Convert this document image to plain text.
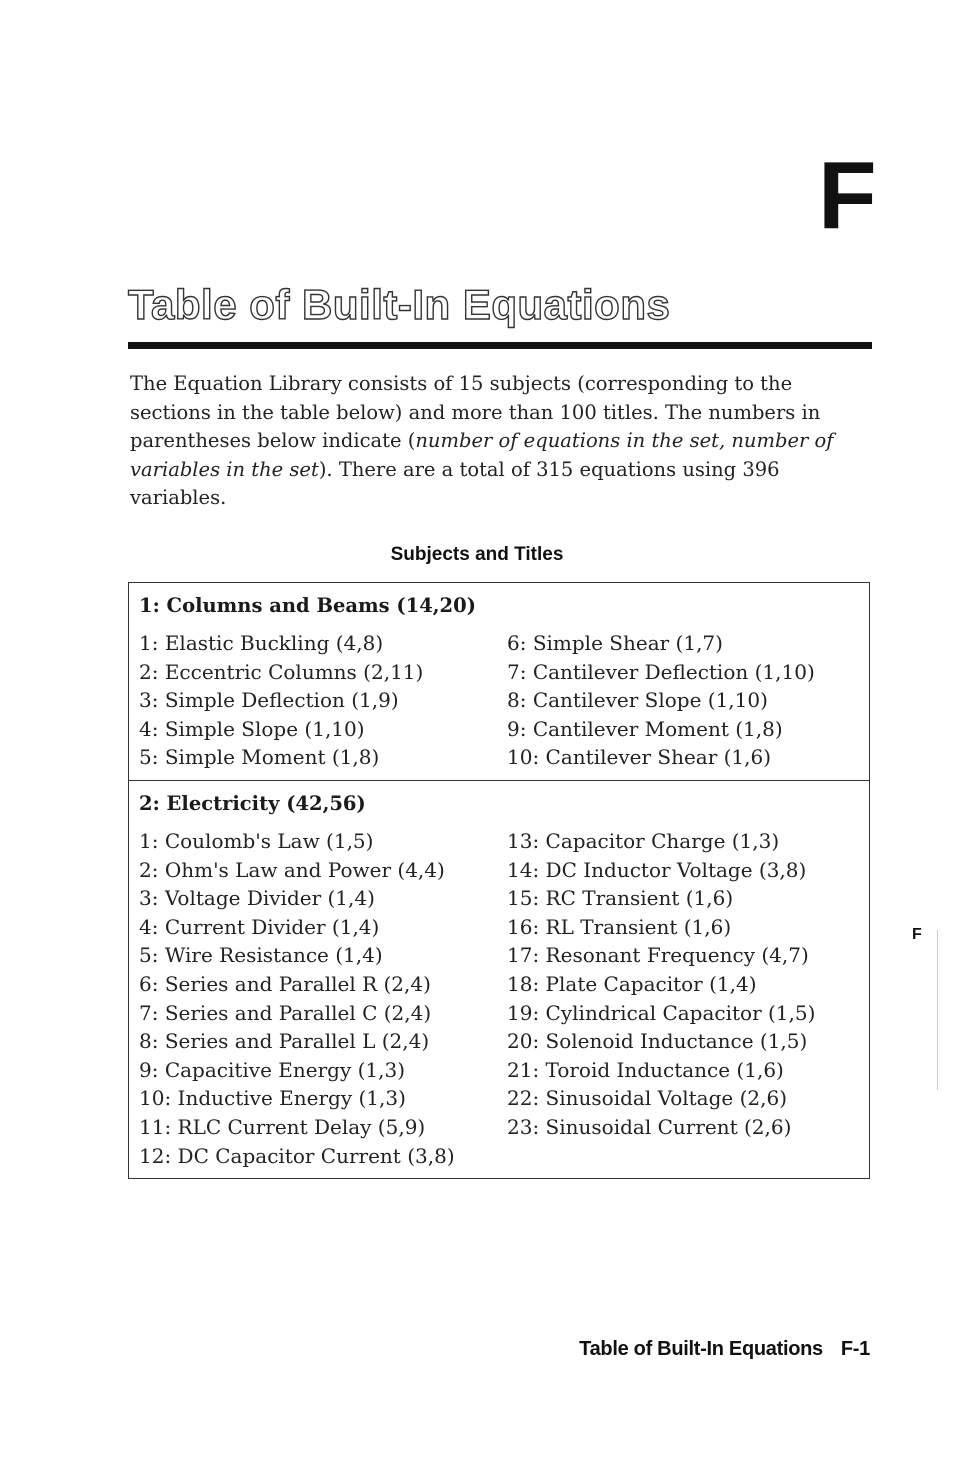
F
Table of Built-In Equations

The Equation Library consists of 15 subjects (corresponding to the sections in the table below) and more than 100 titles. The numbers in parentheses below indicate (number of equations in the set, number of variables in the set). There are a total of 315 equations using 396 variables.

Subjects and Titles
1: Columns and Beams (14,20)
1: Elastic Buckling (4,8)
2: Eccentric Columns (2,11)
3: Simple Deflection (1,9)
4: Simple Slope (1,10)
5: Simple Moment (1,8)
6: Simple Shear (1,7)
7: Cantilever Deflection (1,10)
8: Cantilever Slope (1,10)
9: Cantilever Moment (1,8)
10: Cantilever Shear (1,6)
2: Electricity (42,56)
1: Coulomb's Law (1,5)
2: Ohm's Law and Power (4,4)
3: Voltage Divider (1,4)
4: Current Divider (1,4)
5: Wire Resistance (1,4)
6: Series and Parallel R (2,4)
7: Series and Parallel C (2,4)
8: Series and Parallel L (2,4)
9: Capacitive Energy (1,3)
10: Inductive Energy (1,3)
11: RLC Current Delay (5,9)
12: DC Capacitor Current (3,8)
13: Capacitor Charge (1,3)
14: DC Inductor Voltage (3,8)
15: RC Transient (1,6)
16: RL Transient (1,6)
17: Resonant Frequency (4,7)
18: Plate Capacitor (1,4)
19: Cylindrical Capacitor (1,5)
20: Solenoid Inductance (1,5)
21: Toroid Inductance (1,6)
22: Sinusoidal Voltage (2,6)
23: Sinusoidal Current (2,6)
F
Table of Built-In Equations F-1
